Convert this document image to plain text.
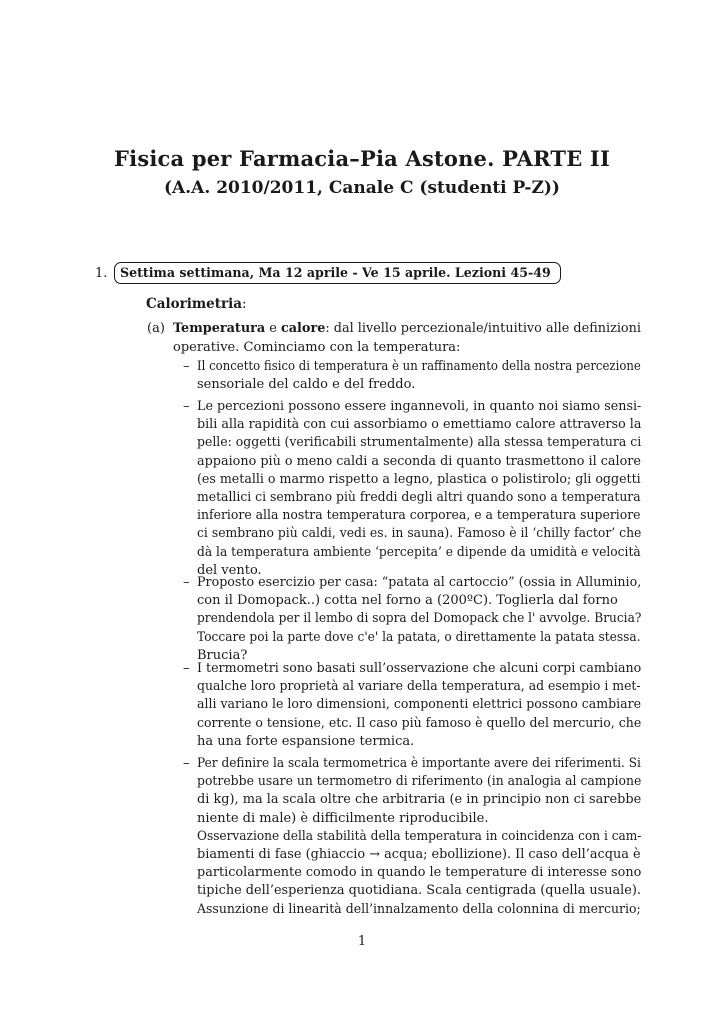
Fisica per Farmacia–Pia Astone. PARTE II
(A.A. 2010/2011, Canale C (studenti P-Z))
1. Settima settimana, Ma 12 aprile - Ve 15 aprile. Lezioni 45-49
Calorimetria:
(a) Temperatura e calore: dal livello percezionale/intuitivo alle definizioni
operative. Cominciamo con la temperatura:
– Il concetto fisico di temperatura è un raffinamento della nostra percezione
sensoriale del caldo e del freddo.
– Le percezioni possono essere ingannevoli, in quanto noi siamo sensi-
bili alla rapidità con cui assorbiamo o emettiamo calore attraverso la
pelle: oggetti (verificabili strumentalmente) alla stessa temperatura ci
appaiono più o meno caldi a seconda di quanto trasmettono il calore
(es metalli o marmo rispetto a legno, plastica o polistirolo; gli oggetti
metallici ci sembrano più freddi degli altri quando sono a temperatura
inferiore alla nostra temperatura corporea, e a temperatura superiore
ci sembrano più caldi, vedi es. in sauna). Famoso è il ‘chilly factor’ che
dà la temperatura ambiente ‘percepita’ e dipende da umidità e velocità
del vento.
– Proposto esercizio per casa: “patata al cartoccio” (ossia in Alluminio,
con il Domopack..) cotta nel forno a (200ºC). Toglierla dal forno
prendendola per il lembo di sopra del Domopack che l' avvolge. Brucia?
Toccare poi la parte dove c'e' la patata, o direttamente la patata stessa.
Brucia?
– I termometri sono basati sull’osservazione che alcuni corpi cambiano
qualche loro proprietà al variare della temperatura, ad esempio i met-
alli variano le loro dimensioni, componenti elettrici possono cambiare
corrente o tensione, etc. Il caso più famoso è quello del mercurio, che
ha una forte espansione termica.
– Per definire la scala termometrica è importante avere dei riferimenti. Si
potrebbe usare un termometro di riferimento (in analogia al campione
di kg), ma la scala oltre che arbitraria (e in principio non ci sarebbe
niente di male) è difficilmente riproducibile.
Osservazione della stabilità della temperatura in coincidenza con i cam-
biamenti di fase (ghiaccio → acqua; ebollizione). Il caso dell’acqua è
particolarmente comodo in quando le temperature di interesse sono
tipiche dell’esperienza quotidiana. Scala centigrada (quella usuale).
Assunzione di linearità dell’innalzamento della colonnina di mercurio;
1
